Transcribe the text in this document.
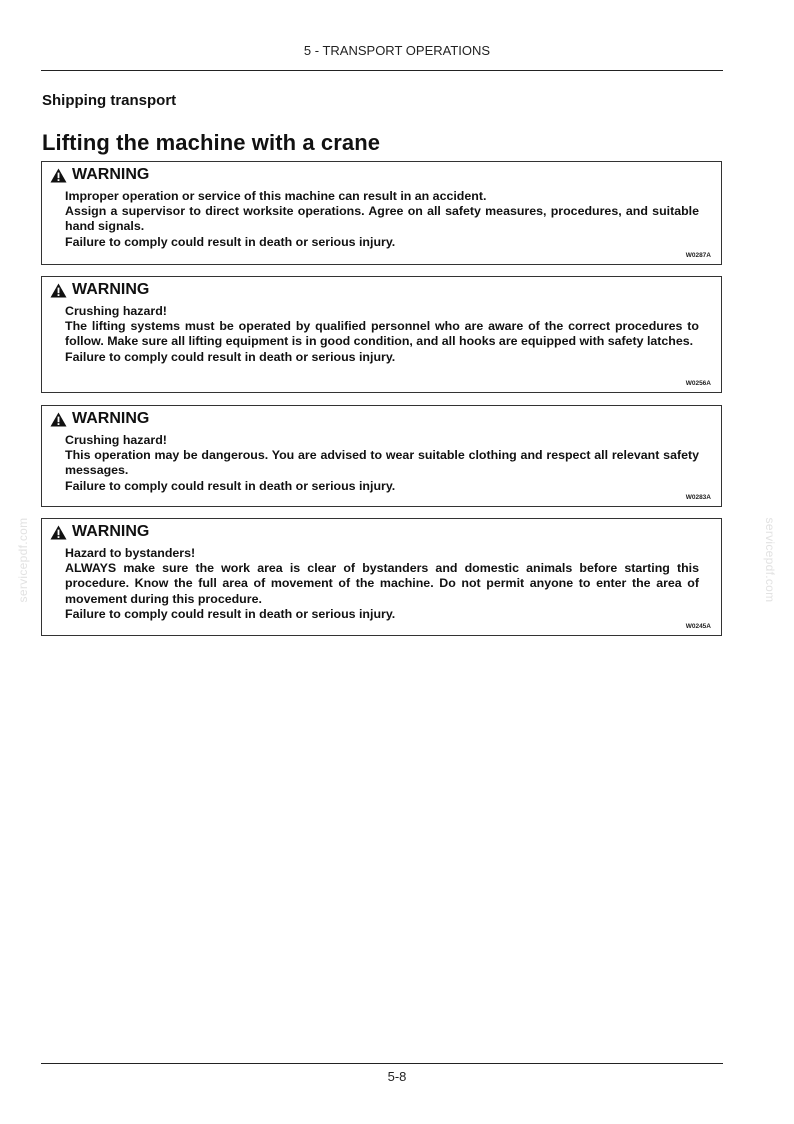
5 - TRANSPORT OPERATIONS
Shipping transport
Lifting the machine with a crane
WARNING

Improper operation or service of this machine can result in an accident.

Assign a supervisor to direct worksite operations. Agree on all safety measures, procedures, and suitable hand signals.

Failure to comply could result in death or serious injury.

W0287A
WARNING

Crushing hazard!

The lifting systems must be operated by qualified personnel who are aware of the correct procedures to follow. Make sure all lifting equipment is in good condition, and all hooks are equipped with safety latches.

Failure to comply could result in death or serious injury.

W0256A
WARNING

Crushing hazard!

This operation may be dangerous. You are advised to wear suitable clothing and respect all relevant safety messages.

Failure to comply could result in death or serious injury.

W0283A
WARNING

Hazard to bystanders!

ALWAYS make sure the work area is clear of bystanders and domestic animals before starting this procedure. Know the full area of movement of the machine. Do not permit anyone to enter the area of movement during this procedure.

Failure to comply could result in death or serious injury.

W0245A
servicepdf.com	servicepdf.com
5-8
